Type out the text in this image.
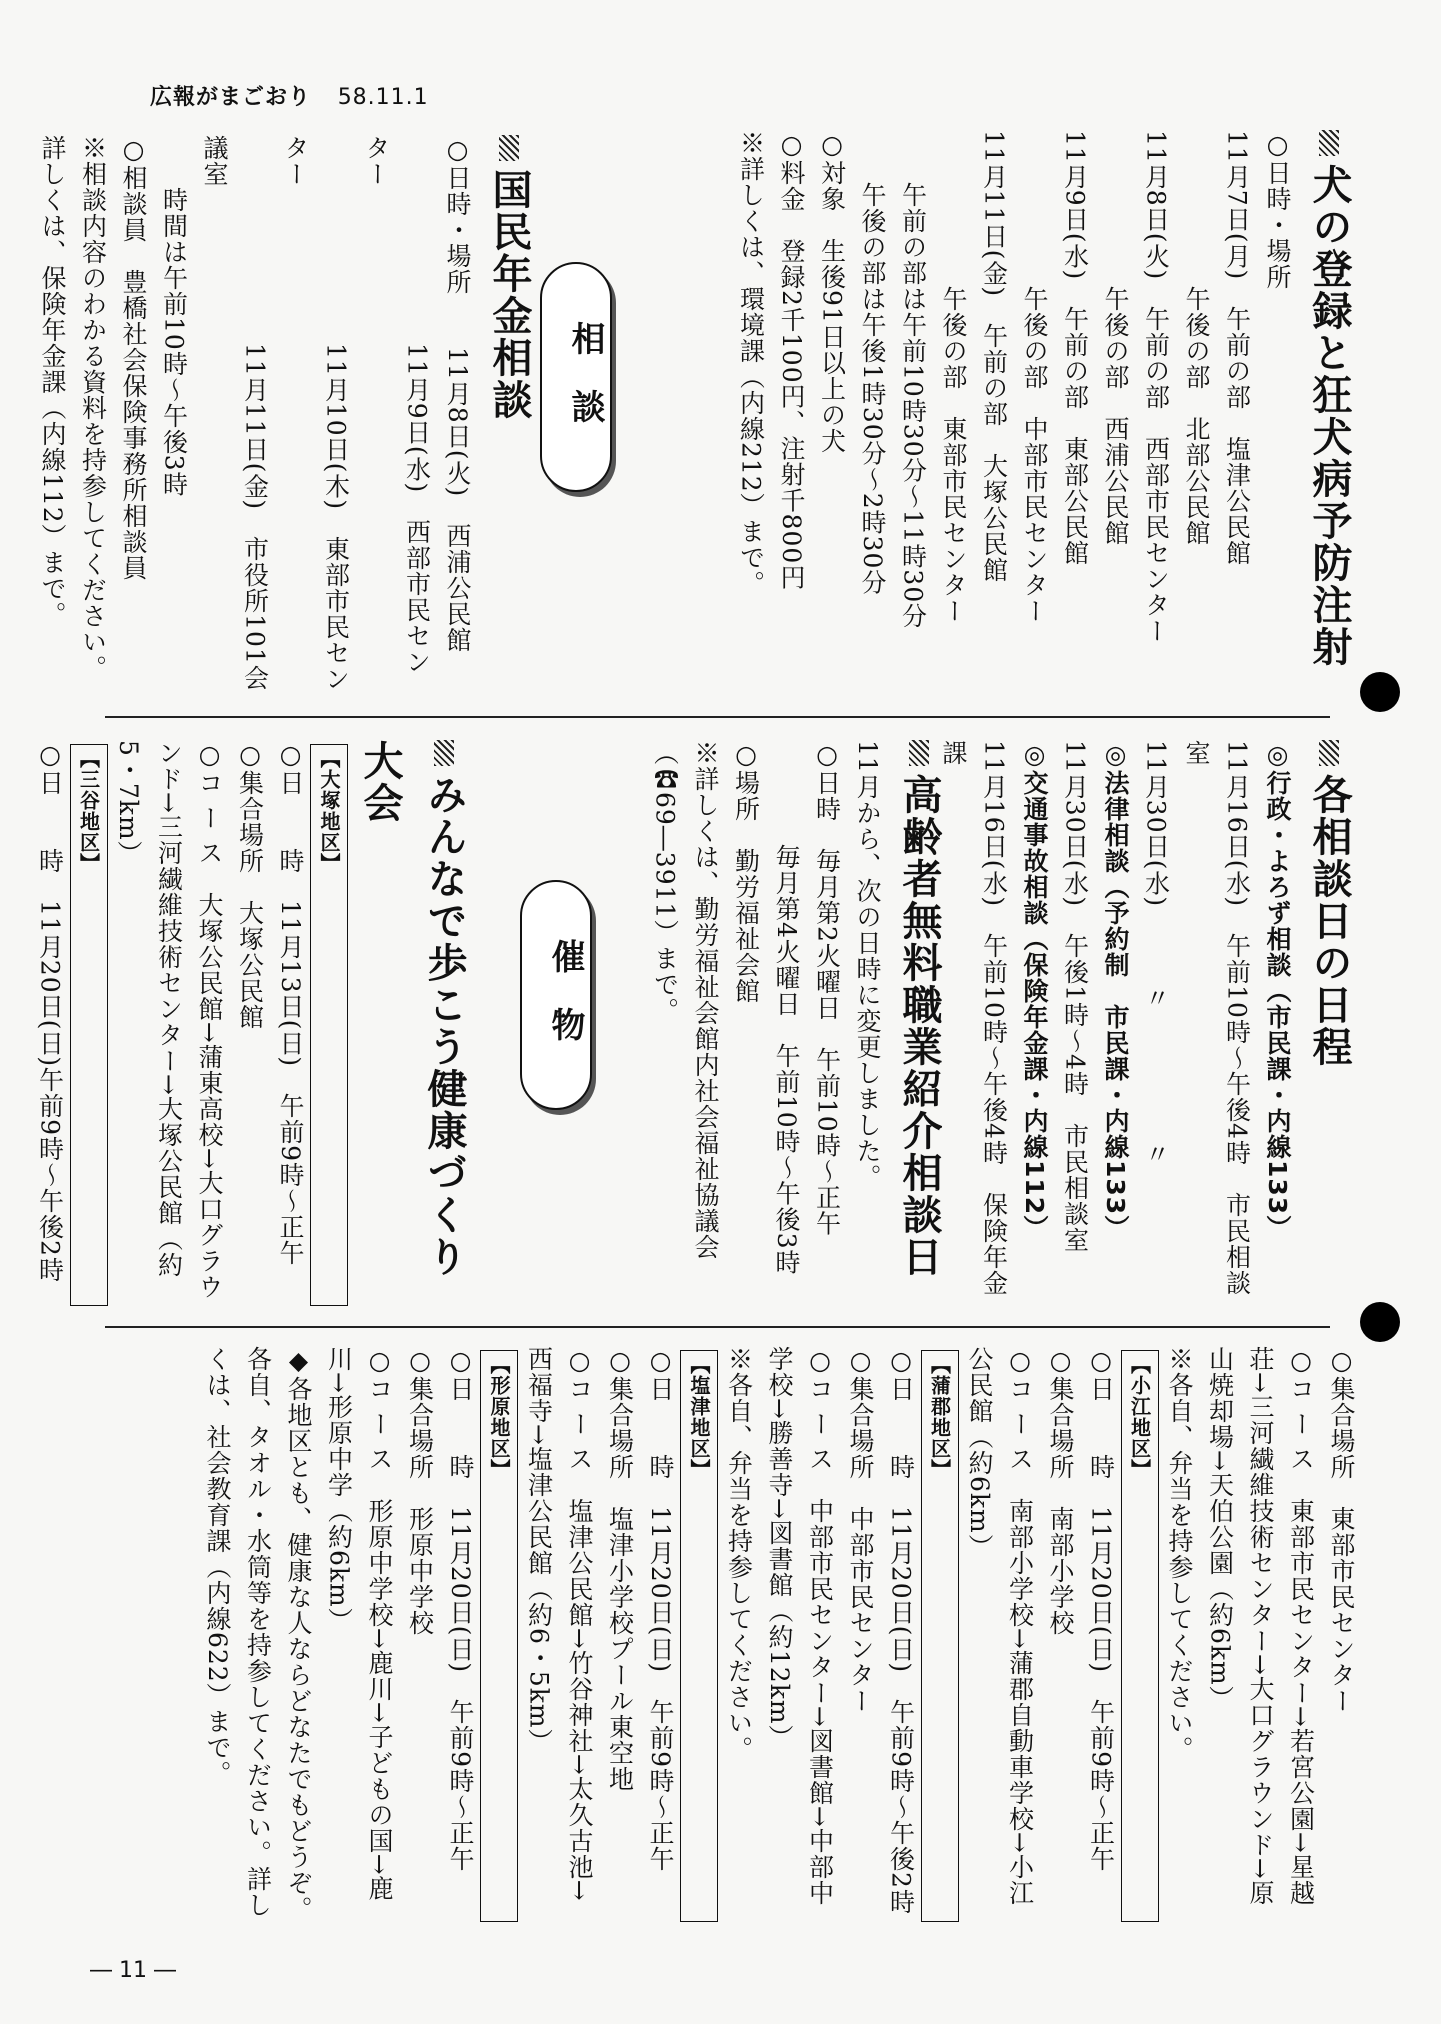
広報がまごおり 58.11.1
犬の登録と狂犬病予防注射
○日時・場所
11月7日(月)　午前の部　塩津公民館
　　　　　　午後の部　北部公民館
11月8日(火)　午前の部　西部市民センター
　　　　　　午後の部　西浦公民館
11月9日(水)　午前の部　東部公民館
　　　　　　午後の部　中部市民センター
11月11日(金)　午前の部　大塚公民館
　　　　　　午後の部　東部市民センター
　　午前の部は午前10時30分～11時30分
　　午後の部は午後1時30分～2時30分
○対象　生後91日以上の犬
○料金　登録2千100円、注射千800円
※詳しくは、環境課（内線212）まで。
相談
国民年金相談
○日時・場所　　11月8日(火)　西浦公民館
　　　　　　　　11月9日(水)　西部市民センター
　　　　　　　　11月10日(木)　東部市民センター
　　　　　　　　11月11日(金)　市役所101会議室
　　時間は午前10時～午後3時
○相談員　豊橋社会保険事務所相談員
※相談内容のわかる資料を持参してください。詳しくは、保険年金課（内線112）まで。
各相談日の日程
◎行政・よろず相談（市民課・内線133）
11月16日(水)　午前10時～午後4時　市民相談室
11月30日(水)　　　〃　　　　　〃
◎法律相談（予約制　市民課・内線133）
11月30日(水)　午後1時～4時　市民相談室
◎交通事故相談（保険年金課・内線112）
11月16日(水)　午前10時～午後4時　保険年金課
高齢者無料職業紹介相談日
11月から、次の日時に変更しました。
○日時　毎月第2火曜日　午前10時～正午
　　　　毎月第4火曜日　午前10時～午後3時
○場所　勤労福祉会館
※詳しくは、勤労福祉会館内社会福祉協議会（☎69―3911）まで。
催物
みんなで歩こう健康づくり大会
【大塚地区】
○日　　時　11月13日(日)　午前9時～正午
○集合場所　大塚公民館
○コ ー ス　大塚公民館→蒲東高校→大口グラウンド→三河繊維技術センター→大塚公民館（約5・7km）
【三谷地区】
○日　　時　11月20日(日)午前9時～午後2時
○集合場所　東部市民センター
○コ ー ス　東部市民センター→若宮公園→星越荘→三河繊維技術センター→大口グラウンド→原山焼却場→天伯公園（約6km）
※各自、弁当を持参してください。
【小江地区】
○日　　時　11月20日(日)　午前9時～正午
○集合場所　南部小学校
○コ ー ス　南部小学校→蒲郡自動車学校→小江公民館（約6km）
【蒲郡地区】
○日　　時　11月20日(日)　午前9時～午後2時
○集合場所　中部市民センター
○コ ー ス　中部市民センター→図書館→中部中学校→勝善寺→図書館（約12km）
※各自、弁当を持参してください。
【塩津地区】
○日　　時　11月20日(日)　午前9時～正午
○集合場所　塩津小学校プール東空地
○コ ー ス　塩津公民館→竹谷神社→太久古池→西福寺→塩津公民館（約6・5km）
【形原地区】
○日　　時　11月20日(日)　午前9時～正午
○集合場所　形原中学校
○コ ー ス　形原中学校→鹿川→子どもの国→鹿川→形原中学（約6km）
◆各地区とも、健康な人ならどなたでもどうぞ。各自、タオル・水筒等を持参してください。詳しくは、社会教育課（内線622）まで。
― 11 ―
